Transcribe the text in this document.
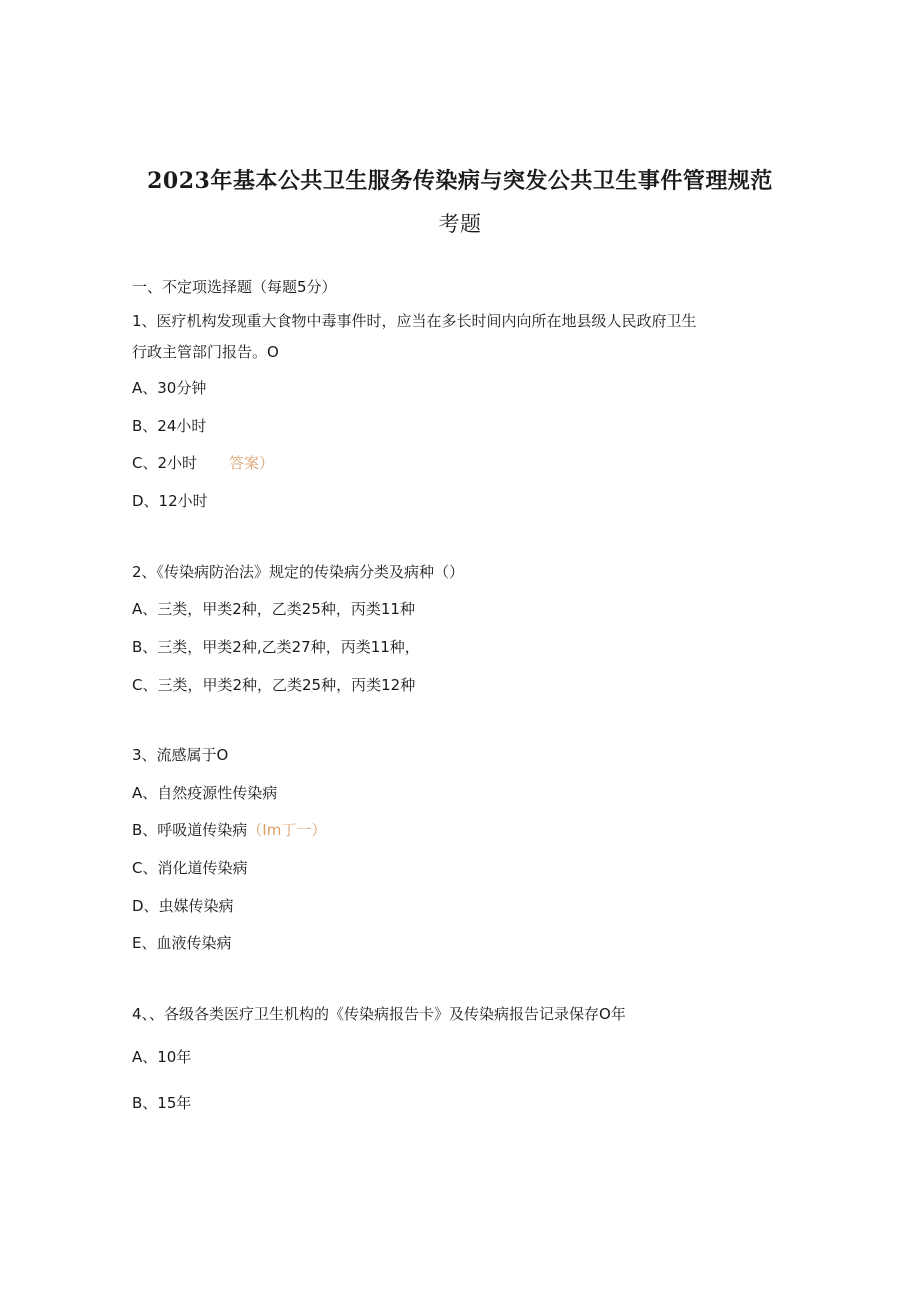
2023年基本公共卫生服务传染病与突发公共卫生事件管理规范
考题
一、不定项选择题（每题5分）
1、医疗机构发现重大食物中毒事件时，应当在多长时间内向所在地县级人民政府卫生
行政主管部门报告。O
A、30分钟
B、24小时
C、2小时 答案）
D、12小时
2、《传染病防治法》规定的传染病分类及病种（）
A、三类，甲类2种，乙类25种，丙类11种
B、三类，甲类2种,乙类27种，丙类11种，
C、三类，甲类2种，乙类25种，丙类12种
3、流感属于O
A、自然疫源性传染病
B、呼吸道传染病（Im丁一）
C、消化道传染病
D、虫媒传染病
E、血液传染病
4、、各级各类医疗卫生机构的《传染病报告卡》及传染病报告记录保存O年
A、10年
B、15年
